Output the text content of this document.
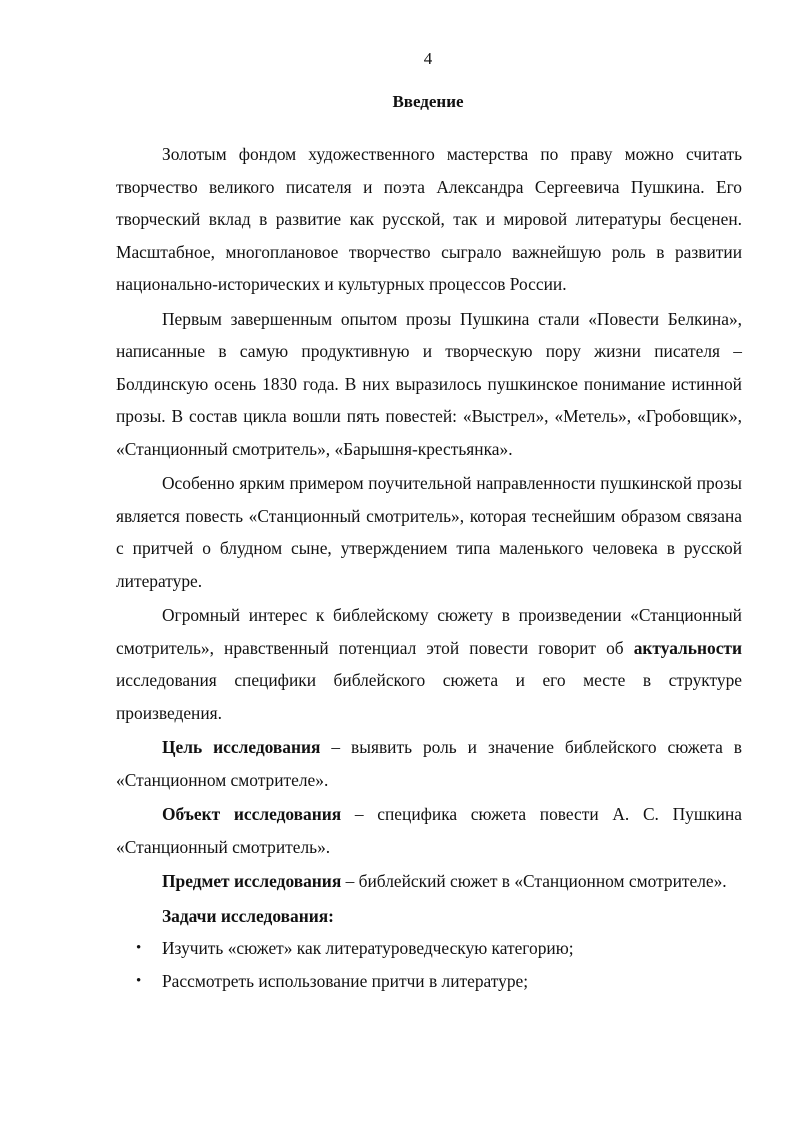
4
Введение

Золотым фондом художественного мастерства по праву можно считать творчество великого писателя и поэта Александра Сергеевича Пушкина. Его творческий вклад в развитие как русской, так и мировой литературы бесценен. Масштабное, многоплановое творчество сыграло важнейшую роль в развитии национально-исторических и культурных процессов России.

Первым завершенным опытом прозы Пушкина стали «Повести Белкина», написанные в самую продуктивную и творческую пору жизни писателя – Болдинскую осень 1830 года. В них выразилось пушкинское понимание истинной прозы. В состав цикла вошли пять повестей: «Выстрел», «Метель», «Гробовщик», «Станционный смотритель», «Барышня-крестьянка».

Особенно ярким примером поучительной направленности пушкинской прозы является повесть «Станционный смотритель», которая теснейшим образом связана с притчей о блудном сыне, утверждением типа маленького человека в русской литературе.

Огромный интерес к библейскому сюжету в произведении «Станционный смотритель», нравственный потенциал этой повести говорит об актуальности исследования специфики библейского сюжета и его месте в структуре произведения.

Цель исследования – выявить роль и значение библейского сюжета в «Станционном смотрителе».

Объект исследования – специфика сюжета повести А. С. Пушкина «Станционный смотритель».

Предмет исследования – библейский сюжет в «Станционном смотрителе».

Задачи исследования:

• Изучить «сюжет» как литературоведческую категорию;
• Рассмотреть использование притчи в литературе;
